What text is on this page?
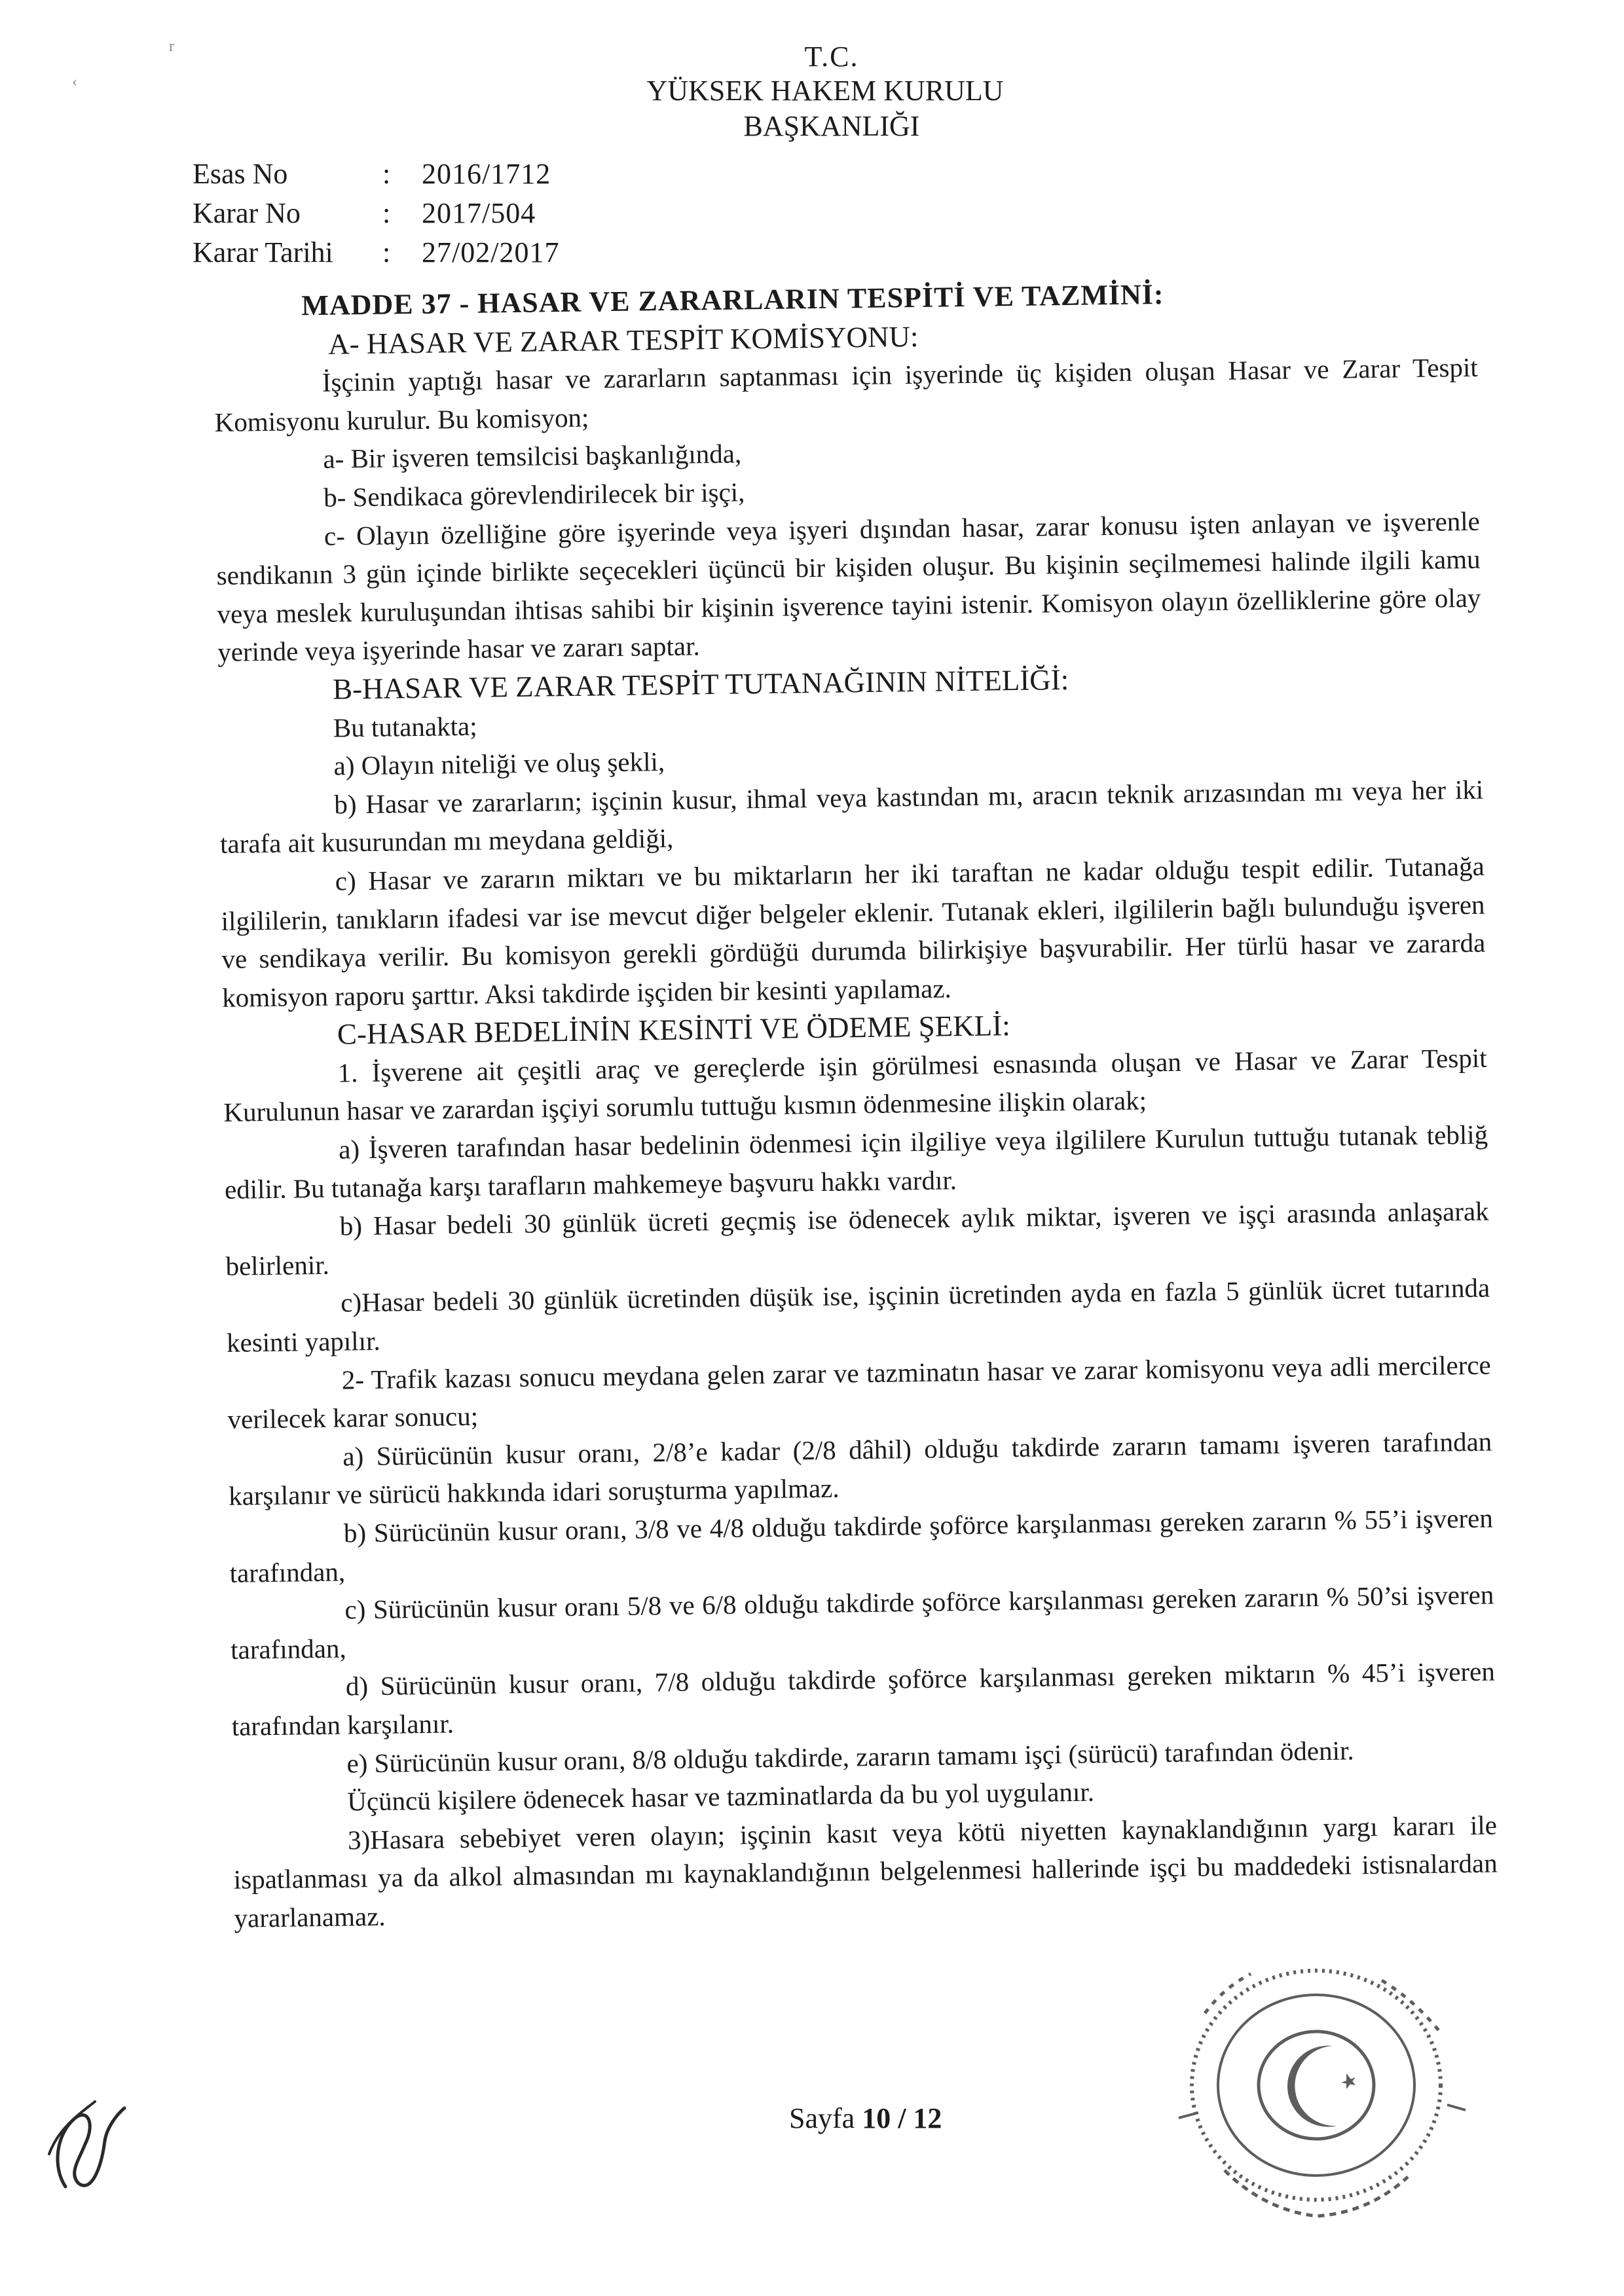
r
‹
T.C.
YÜKSEK HAKEM KURULU
BAŞKANLIĞI
Esas No	:	2016/1712
Karar No	:	2017/504
Karar Tarihi	:	27/02/2017

MADDE 37 - HASAR VE ZARARLARIN TESPİTİ VE TAZMİNİ:

A- HASAR VE ZARAR TESPİT KOMİSYONU:

İşçinin yaptığı hasar ve zararların saptanması için işyerinde üç kişiden oluşan Hasar ve Zarar Tespit Komisyonu kurulur. Bu komisyon;

a- Bir işveren temsilcisi başkanlığında,

b- Sendikaca görevlendirilecek bir işçi,

c- Olayın özelliğine göre işyerinde veya işyeri dışından hasar, zarar konusu işten anlayan ve işverenle sendikanın 3 gün içinde birlikte seçecekleri üçüncü bir kişiden oluşur. Bu kişinin seçilmemesi halinde ilgili kamu veya meslek kuruluşundan ihtisas sahibi bir kişinin işverence tayini istenir. Komisyon olayın özelliklerine göre olay yerinde veya işyerinde hasar ve zararı saptar.

B-HASAR VE ZARAR TESPİT TUTANAĞININ NİTELİĞİ:

Bu tutanakta;

a) Olayın niteliği ve oluş şekli,

b) Hasar ve zararların; işçinin kusur, ihmal veya kastından mı, aracın teknik arızasından mı veya her iki tarafa ait kusurundan mı meydana geldiği,

c) Hasar ve zararın miktarı ve bu miktarların her iki taraftan ne kadar olduğu tespit edilir. Tutanağa ilgililerin, tanıkların ifadesi var ise mevcut diğer belgeler eklenir. Tutanak ekleri, ilgililerin bağlı bulunduğu işveren ve sendikaya verilir. Bu komisyon gerekli gördüğü durumda bilirkişiye başvurabilir. Her türlü hasar ve zararda komisyon raporu şarttır. Aksi takdirde işçiden bir kesinti yapılamaz.

C-HASAR BEDELİNİN KESİNTİ VE ÖDEME ŞEKLİ:

1. İşverene ait çeşitli araç ve gereçlerde işin görülmesi esnasında oluşan ve Hasar ve Zarar Tespit Kurulunun hasar ve zarardan işçiyi sorumlu tuttuğu kısmın ödenmesine ilişkin olarak;

a) İşveren tarafından hasar bedelinin ödenmesi için ilgiliye veya ilgililere Kurulun tuttuğu tutanak tebliğ edilir. Bu tutanağa karşı tarafların mahkemeye başvuru hakkı vardır.

b) Hasar bedeli 30 günlük ücreti geçmiş ise ödenecek aylık miktar, işveren ve işçi arasında anlaşarak belirlenir.

c)Hasar bedeli 30 günlük ücretinden düşük ise, işçinin ücretinden ayda en fazla 5 günlük ücret tutarında kesinti yapılır.

2- Trafik kazası sonucu meydana gelen zarar ve tazminatın hasar ve zarar komisyonu veya adli mercilerce verilecek karar sonucu;

a) Sürücünün kusur oranı, 2/8’e kadar (2/8 dâhil) olduğu takdirde zararın tamamı işveren tarafından karşılanır ve sürücü hakkında idari soruşturma yapılmaz.

b) Sürücünün kusur oranı, 3/8 ve 4/8 olduğu takdirde şoförce karşılanması gereken zararın % 55’i işveren tarafından,

c) Sürücünün kusur oranı 5/8 ve 6/8 olduğu takdirde şoförce karşılanması gereken zararın % 50’si işveren tarafından,

d) Sürücünün kusur oranı, 7/8 olduğu takdirde şoförce karşılanması gereken miktarın % 45’i işveren tarafından karşılanır.

e) Sürücünün kusur oranı, 8/8 olduğu takdirde, zararın tamamı işçi (sürücü) tarafından ödenir.

Üçüncü kişilere ödenecek hasar ve tazminatlarda da bu yol uygulanır.

3)Hasara sebebiyet veren olayın; işçinin kasıt veya kötü niyetten kaynaklandığının yargı kararı ile ispatlanması ya da alkol almasından mı kaynaklandığının belgelenmesi hallerinde işçi bu maddedeki istisnalardan yararlanamaz.

Sayfa 10 / 12
